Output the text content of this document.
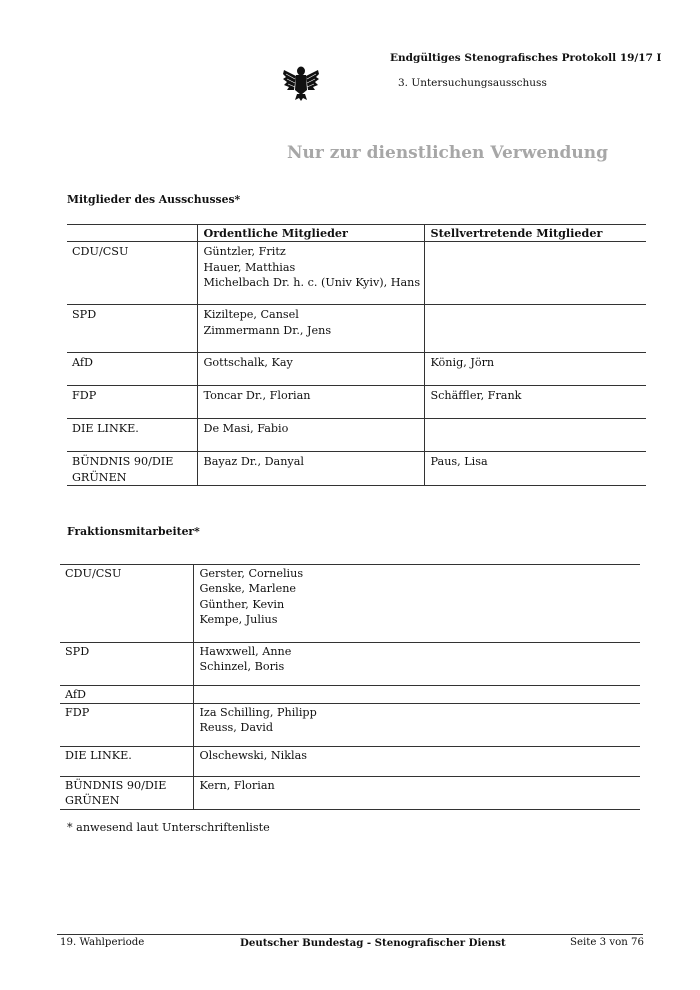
Endgültiges Stenografisches Protokoll 19/17 I
3. Untersuchungsausschuss
Nur zur dienstlichen Verwendung
Mitglieder des Ausschusses*
	Ordentliche Mitglieder	Stellvertretende Mitglieder

CDU/CSU	Güntzler, Fritz
Hauer, Matthias
Michelbach Dr. h. c. (Univ Kyiv), Hans	

SPD	Kiziltepe, Cansel
Zimmermann Dr., Jens	

AfD	Gottschalk, Kay	König, Jörn

FDP	Toncar Dr., Florian	Schäffler, Frank

DIE LINKE.	De Masi, Fabio	

BÜNDNIS 90/DIE
GRÜNEN	Bayaz Dr., Danyal	Paus, Lisa
Fraktionsmitarbeiter*
CDU/CSU	Gerster, Cornelius
Genske, Marlene
Günther, Kevin
Kempe, Julius

SPD	Hawxwell, Anne
Schinzel, Boris

AfD	

FDP	Iza Schilling, Philipp
Reuss, David

DIE LINKE.	Olschewski, Niklas

BÜNDNIS 90/DIE
GRÜNEN	Kern, Florian
* anwesend laut Unterschriftenliste
19. Wahlperiode	Deutscher Bundestag - Stenografischer Dienst	Seite 3 von 76
